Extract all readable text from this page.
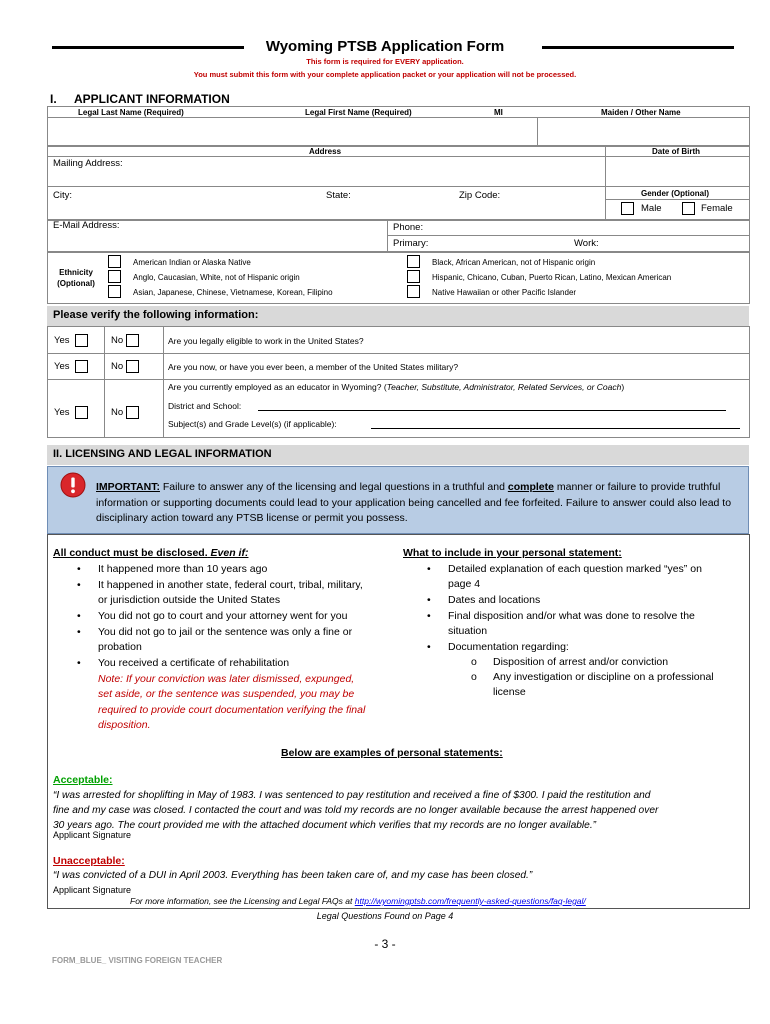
Wyoming PTSB Application Form
This form is required for EVERY application.
You must submit this form with your complete application packet or your application will not be processed.
I. APPLICANT INFORMATION
Legal Last Name (Required)	Legal First Name (Required)	MI	Maiden / Other Name
Address	Date of Birth
Mailing Address:
City:	State:	Zip Code:	Gender (Optional)
Male	Female
E-Mail Address:	Phone:
Primary:	Work:
Ethnicity
(Optional)
American Indian or Alaska Native
Anglo, Caucasian, White, not of Hispanic origin
Asian, Japanese, Chinese, Vietnamese, Korean, Filipino
Black, African American, not of Hispanic origin
Hispanic, Chicano, Cuban, Puerto Rican, Latino, Mexican American
Native Hawaiian or other Pacific Islander
Please verify the following information:
Yes	No	Are you legally eligible to work in the United States?
Yes	No	Are you now, or have you ever been, a member of the United States military?
Yes	No
Are you currently employed as an educator in Wyoming? (Teacher, Substitute, Administrator, Related Services, or Coach)
District and School:
Subject(s) and Grade Level(s) (if applicable):
II. LICENSING AND LEGAL INFORMATION
IMPORTANT: Failure to answer any of the licensing and legal questions in a truthful and complete manner or failure to provide truthful information or supporting documents could lead to your application being cancelled and fee forfeited. Failure to answer could also lead to disciplinary action toward any PTSB license or permit you possess.
All conduct must be disclosed. Even if:
• It happened more than 10 years ago
• It happened in another state, federal court, tribal, military,
or jurisdiction outside the United States
• You did not go to court and your attorney went for you
• You did not go to jail or the sentence was only a fine or
probation
• You received a certificate of rehabilitation
Note: If your conviction was later dismissed, expunged,
set aside, or the sentence was suspended, you may be
required to provide court documentation verifying the final
disposition.
What to include in your personal statement:
• Detailed explanation of each question marked “yes” on
page 4
• Dates and locations
• Final disposition and/or what was done to resolve the
situation
• Documentation regarding:
o Disposition of arrest and/or conviction
o Any investigation or discipline on a professional
license
Below are examples of personal statements:
Acceptable:
“I was arrested for shoplifting in May of 1983. I was sentenced to pay restitution and received a fine of $300. I paid the restitution and
fine and my case was closed. I contacted the court and was told my records are no longer available because the arrest happened over
30 years ago. The court provided me with the attached document which verifies that my records are no longer available.”
Applicant Signature
Unacceptable:
“I was convicted of a DUI in April 2003. Everything has been taken care of, and my case has been closed.”
Applicant Signature
For more information, see the Licensing and Legal FAQs at http://wyomingptsb.com/frequently-asked-questions/faq-legal/
Legal Questions Found on Page 4
- 3 -
FORM_BLUE_ VISITING FOREIGN TEACHER
